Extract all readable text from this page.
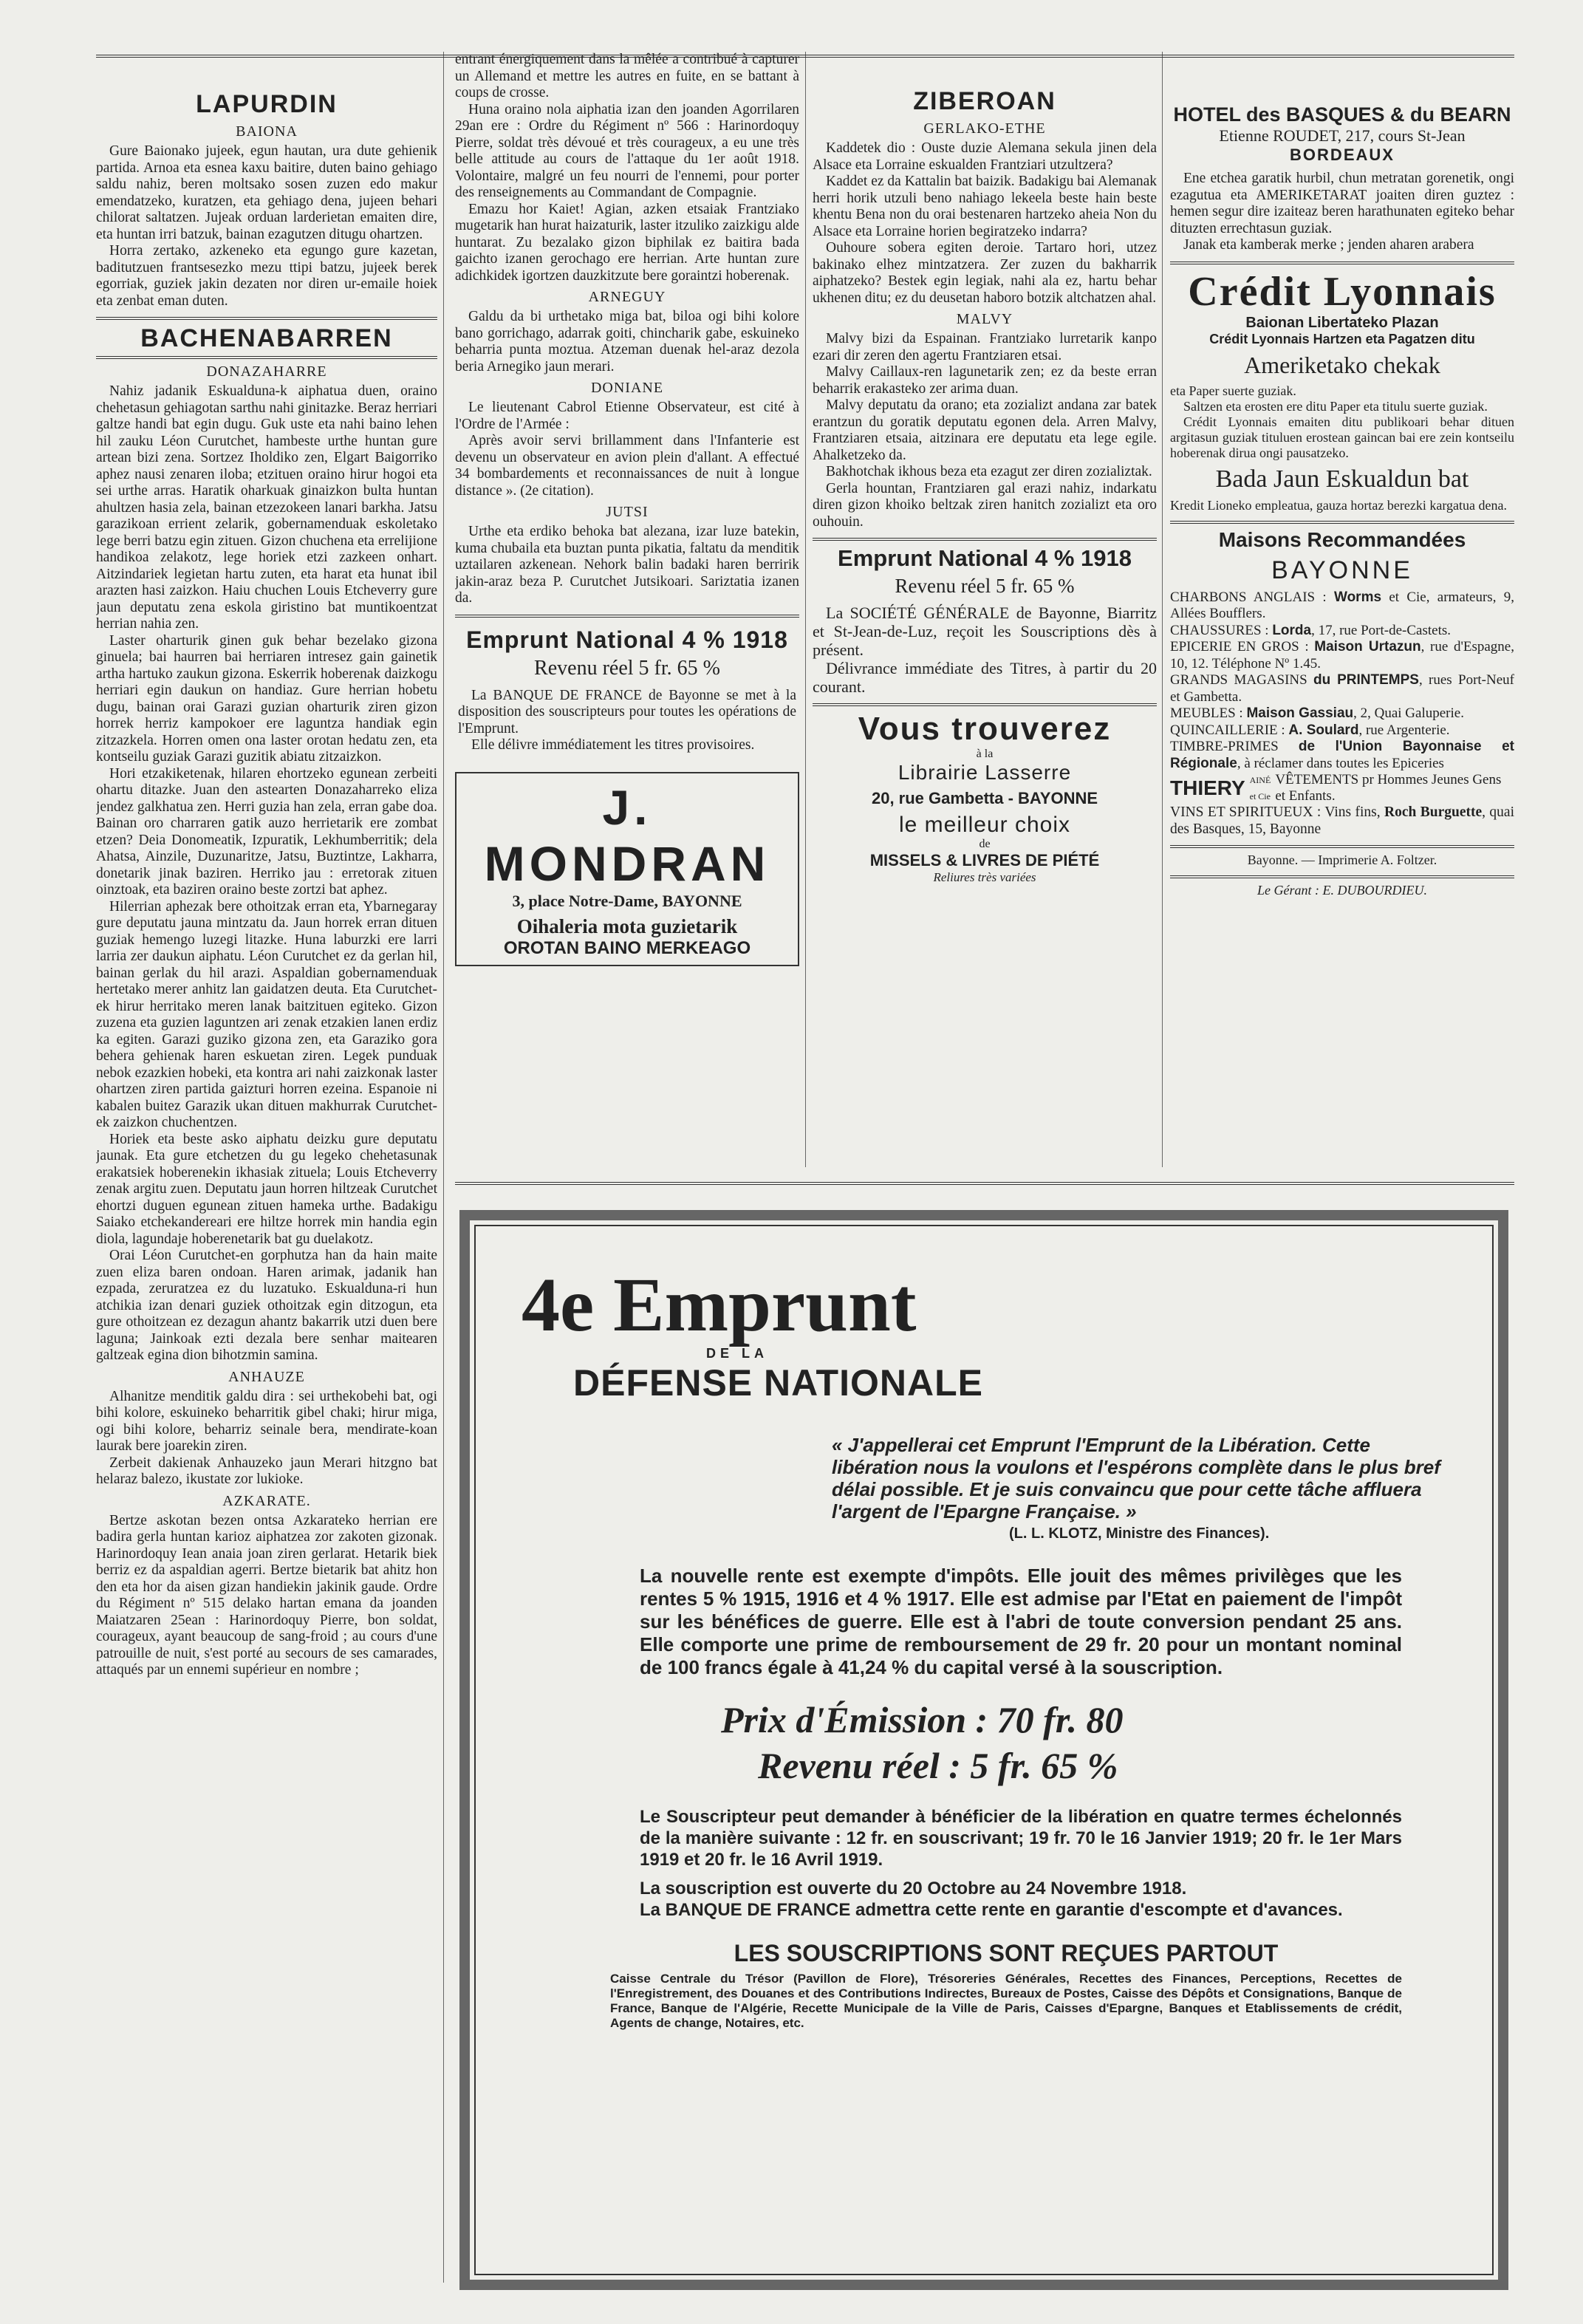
LAPURDIN
BAIONA

Gure Baionako jujeek, egun hautan, ura dute gehienik partida. Arnoa eta esnea kaxu baitire, duten baino gehiago saldu nahiz, beren moltsako sosen zuzen edo makur emendatzeko, kuratzen, eta gehiago dena, jujeen behari chilorat saltatzen. Jujeak orduan larderietan emaiten dire, eta huntan irri batzuk, bainan ezagutzen ditugu ohartzen.

Horra zertako, azkeneko eta egungo gure kazetan, baditutzuen frantsesezko mezu ttipi batzu, jujeek berek egorriak, guziek jakin dezaten nor diren ur-emaile hoiek eta zenbat eman duten.

BACHENABARREN
DONAZAHARRE

Nahiz jadanik Eskualduna-k aiphatua duen, oraino chehetasun gehiagotan sarthu nahi ginitazke. Beraz herriari galtze handi bat egin dugu. Guk uste eta nahi baino lehen hil zauku Léon Curutchet, hambeste urthe huntan gure artean bizi zena. Sortzez Iholdiko zen, Elgart Baigorriko aphez nausi zenaren iloba; etzituen oraino hirur hogoi eta sei urthe arras. Haratik oharkuak ginaizkon bulta huntan ahultzen hasia zela, bainan etzezokeen lanari barkha. Jatsu garazikoan errient zelarik, gobernamenduak eskoletako lege berri batzu egin zituen. Gizon chuchena eta errelijione handikoa zelakotz, lege horiek etzi zazkeen onhart. Aitzindariek legietan hartu zuten, eta harat eta hunat ibil arazten hasi zaizkon. Haiu chuchen Louis Etcheverry gure jaun deputatu zena eskola giristino bat muntikoentzat herrian nahia zen.

Laster oharturik ginen guk behar bezelako gizona ginuela; bai haurren bai herriaren intresez gain gainetik artha hartuko zaukun gizona. Eskerrik hoberenak daizkogu herriari egin daukun on handiaz. Gure herrian hobetu dugu, bainan orai Garazi guzian oharturik ziren gizon horrek herriz kampokoer ere laguntza handiak egin zitzazkela. Horren omen ona laster orotan hedatu zen, eta kontseilu guziak Garazi guzitik abiatu zitzaizkon.

Hori etzakiketenak, hilaren ehortzeko egunean zerbeiti ohartu ditazke. Juan den astearten Donazaharreko eliza jendez galkhatua zen. Herri guzia han zela, erran gabe doa. Bainan oro charraren gatik auzo herrietarik ere zombat etzen? Deia Donomeatik, Izpuratik, Lekhumberritik; dela Ahatsa, Ainzile, Duzunaritze, Jatsu, Buztintze, Lakharra, donetarik jinak baziren. Herriko jau : erretorak zituen oinztoak, eta baziren oraino beste zortzi bat aphez.

Hilerrian aphezak bere othoitzak erran eta, Ybarnegaray gure deputatu jauna mintzatu da. Jaun horrek erran dituen guziak hemengo luzegi litazke. Huna laburzki ere larri larria zer daukun aiphatu. Léon Curutchet ez da gerlan hil, bainan gerlak du hil arazi. Aspaldian gobernamenduak hertetako merer anhitz lan gaidatzen deuta. Eta Curutchet-ek hirur herritako meren lanak baitzituen egiteko. Gizon zuzena eta guzien laguntzen ari zenak etzakien lanen erdiz ka egiten. Garazi guziko gizona zen, eta Garaziko gora behera gehienak haren eskuetan ziren. Legek punduak nebok ezazkien hobeki, eta kontra ari nahi zaizkonak laster ohartzen ziren partida gaizturi horren ezeina. Espanoie ni kabalen buitez Garazik ukan dituen makhurrak Curutchet-ek zaizkon chuchentzen.

Horiek eta beste asko aiphatu deizku gure deputatu jaunak. Eta gure etchetzen du gu legeko chehetasunak erakatsiek hoberenekin ikhasiak zituela; Louis Etcheverry zenak argitu zuen. Deputatu jaun horren hiltzeak Curutchet ehortzi duguen egunean zituen hameka urthe. Badakigu Saiako etchekandereari ere hiltze horrek min handia egin diola, lagundaje hoberenetarik bat gu duelakotz.

Orai Léon Curutchet-en gorphutza han da hain maite zuen eliza baren ondoan. Haren arimak, jadanik han ezpada, zeruratzea ez du luzatuko. Eskualduna-ri hun atchikia izan denari guziek othoitzak egin ditzogun, eta gure othoitzean ez dezagun ahantz bakarrik utzi duen bere laguna; Jainkoak ezti dezala bere senhar maitearen galtzeak egina dion bihotzmin samina.

ANHAUZE

Alhanitze menditik galdu dira : sei urthekobehi bat, ogi bihi kolore, eskuineko beharritik gibel chaki; hirur miga, ogi bihi kolore, beharriz seinale bera, mendirate-koan laurak bere joarekin ziren.

Zerbeit dakienak Anhauzeko jaun Merari hitzgno bat helaraz balezo, ikustate zor lukioke.

AZKARATE.

Bertze askotan bezen ontsa Azkarateko herrian ere badira gerla huntan karioz aiphatzea zor zakoten gizonak. Harinordoquy Iean anaia joan ziren gerlarat. Hetarik biek berriz ez da aspaldian agerri. Bertze bietarik bat ahitz hon den eta hor da aisen gizan handiekin jakinik gaude. Ordre du Régiment nº 515 delako hartan emana da joanden Maiatzaren 25ean : Harinordoquy Pierre, bon soldat, courageux, ayant beaucoup de sang-froid ; au cours d'une patrouille de nuit, s'est porté au secours de ses camarades, attaqués par un ennemi supérieur en nombre ;

entrant énergiquement dans la mêlée a contribué à capturer un Allemand et mettre les autres en fuite, en se battant à coups de crosse.

Huna oraino nola aiphatia izan den joanden Agorrilaren 29an ere : Ordre du Régiment nº 566 : Harinordoquy Pierre, soldat très dévoué et très courageux, a eu une très belle attitude au cours de l'attaque du 1er août 1918. Volontaire, malgré un feu nourri de l'ennemi, pour porter des renseignements au Commandant de Compagnie.

Emazu hor Kaiet! Agian, azken etsaiak Frantziako mugetarik han hurat haizaturik, laster itzuliko zaizkigu alde huntarat. Zu bezalako gizon biphilak ez baitira bada gaichto izanen gerochago ere herrian. Arte huntan zure adichkidek igortzen dauzkitzute bere goraintzi hoberenak.

ARNEGUY

Galdu da bi urthetako miga bat, biloa ogi bihi kolore bano gorrichago, adarrak goiti, chincharik gabe, eskuineko beharria punta moztua. Atzeman duenak hel-araz dezola beria Arnegiko jaun merari.

DONIANE

Le lieutenant Cabrol Etienne Observateur, est cité à l'Ordre de l'Armée :

Après avoir servi brillamment dans l'Infanterie est devenu un observateur en avion plein d'allant. A effectué 34 bombardements et reconnaissances de nuit à longue distance ». (2e citation).

JUTSI

Urthe eta erdiko behoka bat alezana, izar luze batekin, kuma chubaila eta buztan punta pikatia, faltatu da menditik uztailaren azkenean. Nehork balin badaki haren berririk jakin-araz beza P. Curutchet Jutsikoari. Sariztatia izanen da.

Emprunt National 4 % 1918
Revenu réel 5 fr. 65 %

La BANQUE DE FRANCE de Bayonne se met à la disposition des souscripteurs pour toutes les opérations de l'Emprunt.

Elle délivre immédiatement les titres provisoires.

J. MONDRAN
3, place Notre-Dame, BAYONNE
Oihaleria mota guzietarik
OROTAN BAINO MERKEAGO
ZIBEROAN
GERLAKO-ETHE

Kaddetek dio : Ouste duzie Alemana sekula jinen dela Alsace eta Lorraine eskualden Frantziari utzultzera?

Kaddet ez da Kattalin bat baizik. Badakigu bai Alemanak herri horik utzuli beno nahiago lekeela beste hain beste khentu Bena non du orai bestenaren hartzeko aheia Non du Alsace eta Lorraine horien begiratzeko indarra?

Ouhoure sobera egiten deroie. Tartaro hori, utzez bakinako elhez mintzatzera. Zer zuzen du bakharrik aiphatzeko? Bestek egin legiak, nahi ala ez, hartu behar ukhenen ditu; ez du deusetan haboro botzik altchatzen ahal.

MALVY

Malvy bizi da Espainan. Frantziako lurretarik kanpo ezari dir zeren den agertu Frantziaren etsai.

Malvy Caillaux-ren lagunetarik zen; ez da beste erran beharrik erakasteko zer arima duan.

Malvy deputatu da orano; eta zozializt andana zar batek erantzun du goratik deputatu egonen dela. Arren Malvy, Frantziaren etsaia, aitzinara ere deputatu eta lege egile. Ahalketzeko da.

Bakhotchak ikhous beza eta ezagut zer diren zozializtak.

Gerla hountan, Frantziaren gal erazi nahiz, indarkatu diren gizon khoiko beltzak ziren hanitch zozializt eta oro ouhouin.

Emprunt National 4 % 1918
Revenu réel 5 fr. 65 %

La SOCIÉTÉ GÉNÉRALE de Bayonne, Biarritz et St-Jean-de-Luz, reçoit les Souscriptions dès à présent.

Délivrance immédiate des Titres, à partir du 20 courant.

Vous trouverez
à la
Librairie Lasserre
20, rue Gambetta - BAYONNE
le meilleur choix
de
MISSELS & LIVRES DE PIÉTÉ
Reliures très variées
HOTEL des BASQUES & du BEARN
Etienne ROUDET, 217, cours St-Jean
BORDEAUX

Ene etchea garatik hurbil, chun metratan gorenetik, ongi ezagutua eta AMERIKETARAT joaiten diren guztez : hemen segur dire izaiteaz beren harathunaten egiteko behar dituzten errechtasun guziak.

Janak eta kamberak merke ; jenden aharen arabera

Crédit Lyonnais
Baionan Libertateko Plazan
Crédit Lyonnais Hartzen eta Pagatzen ditu
Ameriketako chekak

eta Paper suerte guziak.

Saltzen eta erosten ere ditu Paper eta titulu suerte guziak.

Crédit Lyonnais emaiten ditu publikoari behar dituen argitasun guziak tituluen erostean gaincan bai ere zein kontseilu hoberenak dirua ongi pausatzeko.

Bada Jaun Eskualdun bat

Kredit Lioneko empleatua, gauza hortaz berezki kargatua dena.

Maisons Recommandées
BAYONNE

CHARBONS ANGLAIS : Worms et Cie, armateurs, 9, Allées Boufflers.

CHAUSSURES : Lorda, 17, rue Port-de-Castets.

EPICERIE EN GROS : Maison Urtazun, rue d'Espagne, 10, 12. Téléphone Nº 1.45.

GRANDS MAGASINS du PRINTEMPS, rues Port-Neuf et Gambetta.

MEUBLES : Maison Gassiau, 2, Quai Galuperie.

QUINCAILLERIE : A. Soulard, rue Argenterie.

TIMBRE-PRIMES de l'Union Bayonnaise et Régionale, à réclamer dans toutes les Epiceries

THIERY AINÉ et Cie
VÊTEMENTS pr Hommes Jeunes Gens et Enfants.

VINS ET SPIRITUEUX : Vins fins, Roch Burguette, quai des Basques, 15, Bayonne

Bayonne. — Imprimerie A. Foltzer.
Le Gérant : E. DUBOURDIEU.
4e Emprunt
DE LA
DÉFENSE NATIONALE

« J'appellerai cet Emprunt l'Emprunt de la Libération. Cette libération nous la voulons et l'espérons complète dans le plus bref délai possible. Et je suis convaincu que pour cette tâche affluera l'argent de l'Epargne Française. »

(L. L. KLOTZ, Ministre des Finances).

La nouvelle rente est exempte d'impôts. Elle jouit des mêmes privilèges que les rentes 5 % 1915, 1916 et 4 % 1917. Elle est admise par l'Etat en paiement de l'impôt sur les bénéfices de guerre. Elle est à l'abri de toute conversion pendant 25 ans. Elle comporte une prime de remboursement de 29 fr. 20 pour un montant nominal de 100 francs égale à 41,24 % du capital versé à la souscription.

Prix d'Émission : 70 fr. 80
Revenu réel : 5 fr. 65 %

Le Souscripteur peut demander à bénéficier de la libération en quatre termes échelonnés de la manière suivante : 12 fr. en souscrivant; 19 fr. 70 le 16 Janvier 1919; 20 fr. le 1er Mars 1919 et 20 fr. le 16 Avril 1919.

La souscription est ouverte du 20 Octobre au 24 Novembre 1918.

La BANQUE DE FRANCE admettra cette rente en garantie d'escompte et d'avances.

LES SOUSCRIPTIONS SONT REÇUES PARTOUT

Caisse Centrale du Trésor (Pavillon de Flore), Trésoreries Générales, Recettes des Finances, Perceptions, Recettes de l'Enregistrement, des Douanes et des Contributions Indirectes, Bureaux de Postes, Caisse des Dépôts et Consignations, Banque de France, Banque de l'Algérie, Recette Municipale de la Ville de Paris, Caisses d'Epargne, Banques et Etablissements de crédit, Agents de change, Notaires, etc.
